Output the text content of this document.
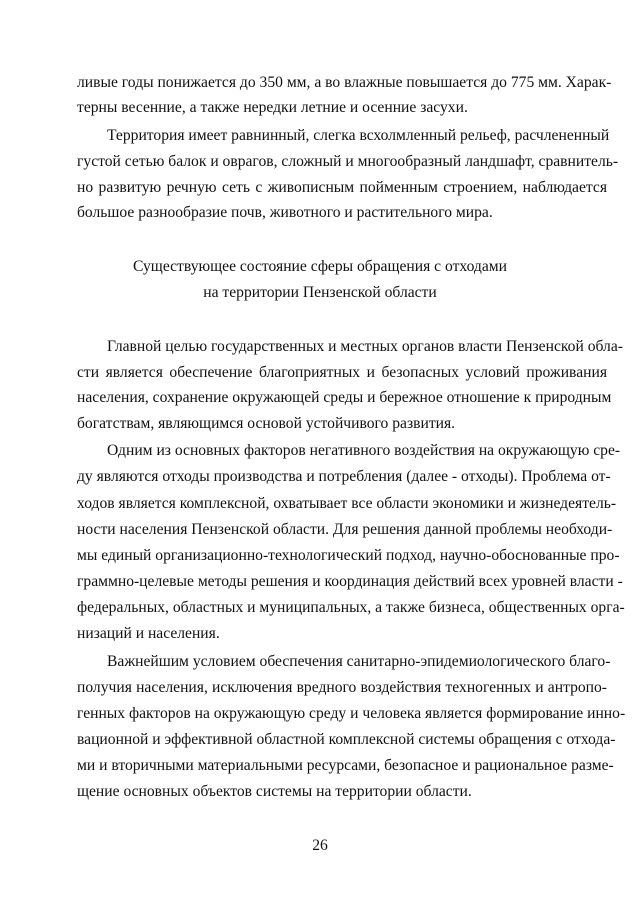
ливые годы понижается до 350 мм, а во влажные повышается до 775 мм. Харак-
терны весенние, а также нередки летние и осенние засухи.
Территория имеет равнинный, слегка всхолмленный рельеф, расчлененный
густой сетью балок и оврагов, сложный и многообразный ландшафт, сравнитель-
но развитую речную сеть с живописным пойменным строением, наблюдается
большое разнообразие почв, животного и растительного мира.
Существующее состояние сферы обращения с отходами
на территории Пензенской области
Главной целью государственных и местных органов власти Пензенской обла-
сти является обеспечение благоприятных и безопасных условий проживания
населения, сохранение окружающей среды и бережное отношение к природным
богатствам, являющимся основой устойчивого развития.
Одним из основных факторов негативного воздействия на окружающую сре-
ду являются отходы производства и потребления (далее - отходы). Проблема от-
ходов является комплексной, охватывает все области экономики и жизнедеятель-
ности населения Пензенской области. Для решения данной проблемы необходи-
мы единый организационно-технологический подход, научно-обоснованные про-
граммно-целевые методы решения и координация действий всех уровней власти -
федеральных, областных и муниципальных, а также бизнеса, общественных орга-
низаций и населения.
Важнейшим условием обеспечения санитарно-эпидемиологического благо-
получия населения, исключения вредного воздействия техногенных и антропо-
генных факторов на окружающую среду и человека является формирование инно-
вационной и эффективной областной комплексной системы обращения с отхода-
ми и вторичными материальными ресурсами, безопасное и рациональное разме-
щение основных объектов системы на территории области.
26
